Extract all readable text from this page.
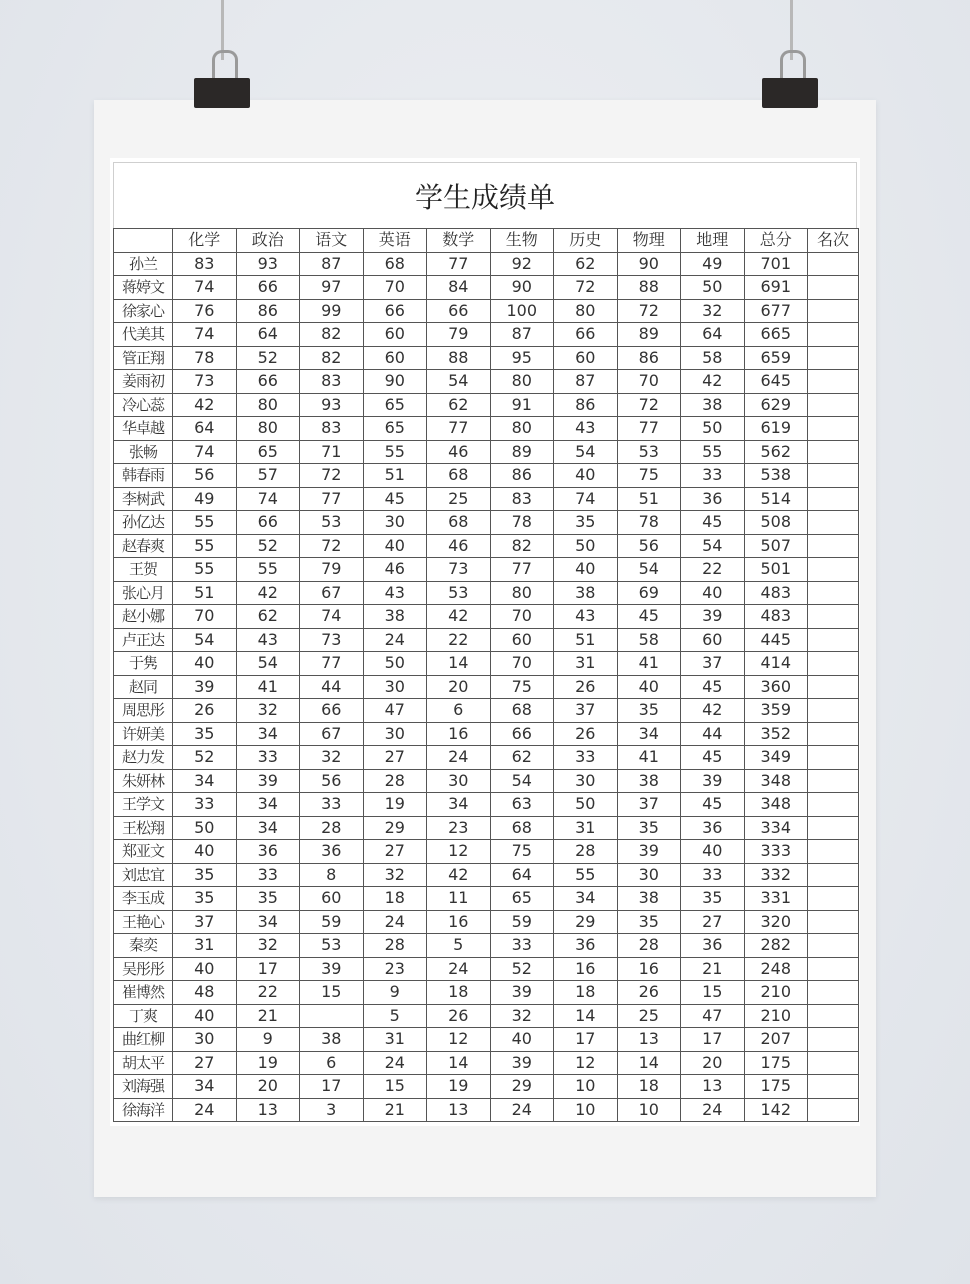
学生成绩单
	化学	政治	语文	英语	数学	生物	历史	物理	地理	总分	名次
孙兰	83	93	87	68	77	92	62	90	49	701	
蒋婷文	74	66	97	70	84	90	72	88	50	691	
徐家心	76	86	99	66	66	100	80	72	32	677	
代美其	74	64	82	60	79	87	66	89	64	665	
管正翔	78	52	82	60	88	95	60	86	58	659	
姜雨初	73	66	83	90	54	80	87	70	42	645	
冷心蕊	42	80	93	65	62	91	86	72	38	629	
华卓越	64	80	83	65	77	80	43	77	50	619	
张畅	74	65	71	55	46	89	54	53	55	562	
韩春雨	56	57	72	51	68	86	40	75	33	538	
李树武	49	74	77	45	25	83	74	51	36	514	
孙亿达	55	66	53	30	68	78	35	78	45	508	
赵春爽	55	52	72	40	46	82	50	56	54	507	
王贺	55	55	79	46	73	77	40	54	22	501	
张心月	51	42	67	43	53	80	38	69	40	483	
赵小娜	70	62	74	38	42	70	43	45	39	483	
卢正达	54	43	73	24	22	60	51	58	60	445	
于隽	40	54	77	50	14	70	31	41	37	414	
赵同	39	41	44	30	20	75	26	40	45	360	
周思彤	26	32	66	47	6	68	37	35	42	359	
许妍美	35	34	67	30	16	66	26	34	44	352	
赵力发	52	33	32	27	24	62	33	41	45	349	
朱妍林	34	39	56	28	30	54	30	38	39	348	
王学文	33	34	33	19	34	63	50	37	45	348	
王松翔	50	34	28	29	23	68	31	35	36	334	
郑亚文	40	36	36	27	12	75	28	39	40	333	
刘忠宜	35	33	8	32	42	64	55	30	33	332	
李玉成	35	35	60	18	11	65	34	38	35	331	
王艳心	37	34	59	24	16	59	29	35	27	320	
秦奕	31	32	53	28	5	33	36	28	36	282	
吴彤彤	40	17	39	23	24	52	16	16	21	248	
崔博然	48	22	15	9	18	39	18	26	15	210	
丁爽	40	21		5	26	32	14	25	47	210	
曲红柳	30	9	38	31	12	40	17	13	17	207	
胡太平	27	19	6	24	14	39	12	14	20	175	
刘海强	34	20	17	15	19	29	10	18	13	175	
徐海洋	24	13	3	21	13	24	10	10	24	142	
